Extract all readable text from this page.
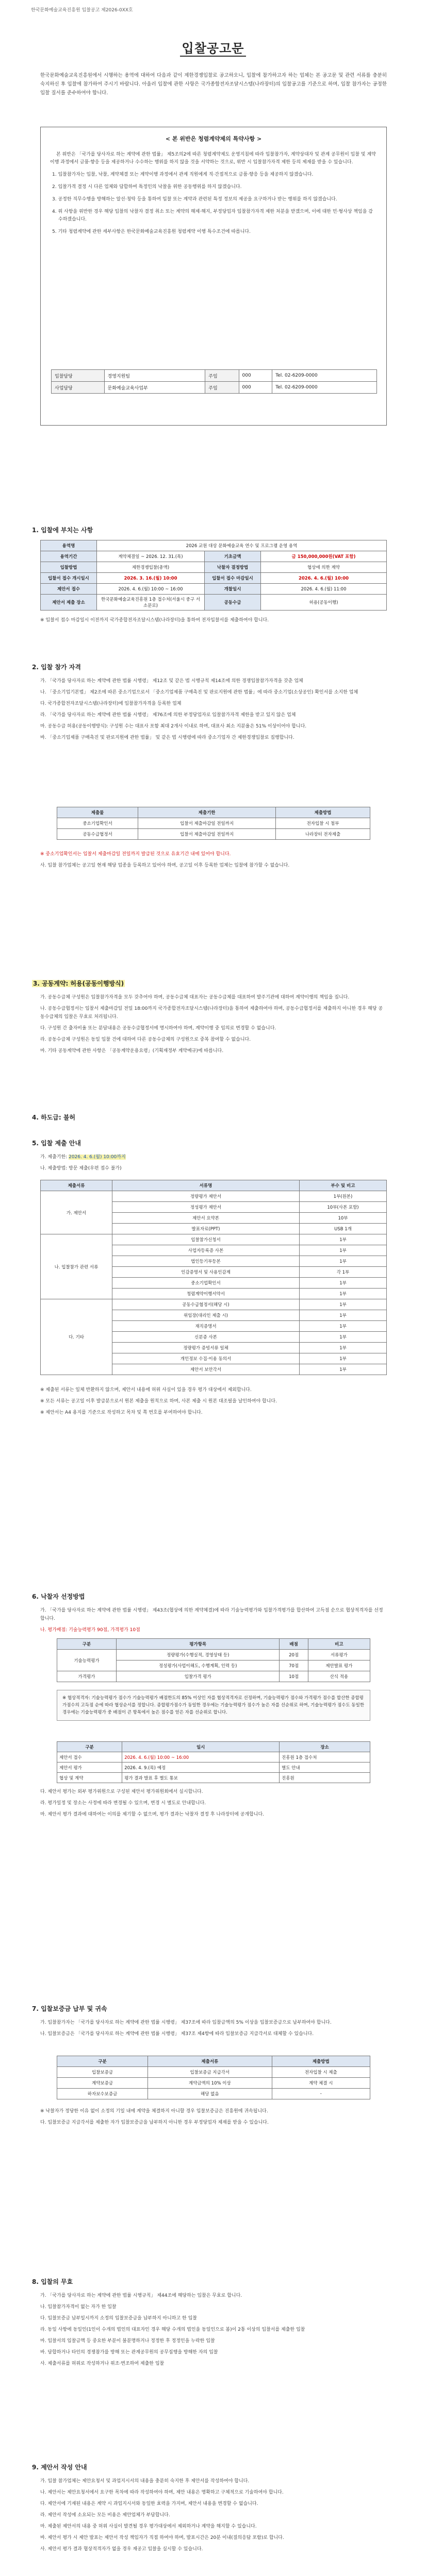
한국문화예술교육진흥원 입찰공고 제2026-0XX호
입찰공고문
한국문화예술교육진흥원에서 시행하는 용역에 대하여 다음과 같이 제한경쟁입찰로 공고하오니, 입찰에 참가하고자 하는 업체는 본 공고문 및 관련 서류를 충분히 숙지하신 후 입찰에 참가하여 주시기 바랍니다. 아울러 입찰에 관한 사항은 국가종합전자조달시스템(나라장터)의 입찰공고를 기준으로 하며, 입찰 참가자는 공정한 입찰 질서를 준수하여야 합니다.
< 본 위반은 청렴계약제의 특약사항 >

본 위반은 「국가를 당사자로 하는 계약에 관한 법률」 제5조의2에 따른 청렴계약제도 운영지침에 따라 입찰참가자, 계약상대자 및 관계 공무원이 입찰 및 계약 이행 과정에서 금품·향응 등을 제공하거나 수수하는 행위를 하지 않을 것을 서약하는 것으로, 위반 시 입찰참가자격 제한 등의 제재를 받을 수 있습니다.

1. 입찰참가자는 입찰, 낙찰, 계약체결 또는 계약이행 과정에서 관계 직원에게 직·간접적으로 금품·향응 등을 제공하지 않겠습니다.

2. 입찰가격 결정 시 다른 업체와 담합하여 특정인의 낙찰을 위한 공동행위를 하지 않겠습니다.

3. 공정한 직무수행을 방해하는 알선·청탁 등을 통하여 입찰 또는 계약과 관련된 특정 정보의 제공을 요구하거나 받는 행위를 하지 않겠습니다.

4. 위 사항을 위반한 경우 해당 입찰의 낙찰자 결정 취소 또는 계약의 해제·해지, 부정당업자 입찰참가자격 제한 처분을 받겠으며, 이에 대한 민·형사상 책임을 감수하겠습니다.

5. 기타 청렴계약에 관한 세부사항은 한국문화예술교육진흥원 청렴계약 이행 특수조건에 따릅니다.

입찰담당	경영지원팀	주임	000	Tel. 02-6209-0000
사업담당	문화예술교육사업부	주임	000	Tel. 02-6209-0000
1. 입찰에 부치는 사항
용역명	2026 교원 대상 문화예술교육 연수 및 프로그램 운영 용역		
용역기간	계약체결일 ~ 2026. 12. 31.(목)	기초금액	금 150,000,000원(VAT 포함)
입찰방법	제한경쟁입찰(총액)	낙찰자 결정방법	협상에 의한 계약
입찰서 접수 개시일시	2026. 3. 16.(월) 10:00	입찰서 접수 마감일시	2026. 4. 6.(월) 10:00
제안서 접수	2026. 4. 6.(월) 10:00 ~ 16:00	개찰일시	2026. 4. 6.(월) 11:00
제안서 제출 장소	한국문화예술교육진흥원 1층 접수처(서울시 중구 서소문로)	공동수급	허용(공동이행)
※ 입찰서 접수 마감일시 이전까지 국가종합전자조달시스템(나라장터)을 통하여 전자입찰서를 제출하여야 합니다.
2. 입찰 참가 자격

가. 「국가를 당사자로 하는 계약에 관한 법률 시행령」 제12조 및 같은 법 시행규칙 제14조에 의한 경쟁입찰참가자격을 갖춘 업체

나. 「중소기업기본법」 제2조에 따른 중소기업으로서 「중소기업제품 구매촉진 및 판로지원에 관한 법률」에 따라 중소기업(소상공인) 확인서를 소지한 업체

다. 국가종합전자조달시스템(나라장터)에 입찰참가자격을 등록한 업체

라. 「국가를 당사자로 하는 계약에 관한 법률 시행령」 제76조에 의한 부정당업자로 입찰참가자격 제한을 받고 있지 않은 업체

마. 공동수급 허용(공동이행방식): 구성원 수는 대표사 포함 최대 2개사 이내로 하며, 대표사 최소 지분율은 51% 이상이어야 합니다.

바. 「중소기업제품 구매촉진 및 판로지원에 관한 법률」 및 같은 법 시행령에 따라 중소기업자 간 제한경쟁입찰로 집행합니다.

제출물	제출기한	제출방법
중소기업확인서	입찰서 제출마감일 전일까지	전자입찰 시 첨부
공동수급협정서	입찰서 제출마감일 전일까지	나라장터 전자제출

※ 중소기업확인서는 입찰서 제출마감일 전일까지 발급된 것으로 유효기간 내에 있어야 합니다.

사. 입찰 참가업체는 공고일 현재 해당 업종을 등록하고 있어야 하며, 공고일 이후 등록한 업체는 입찰에 참가할 수 없습니다.

3. 공동계약: 허용(공동이행방식)

가. 공동수급체 구성원은 입찰참가자격을 모두 갖추어야 하며, 공동수급체 대표자는 공동수급체를 대표하여 발주기관에 대하여 계약이행의 책임을 집니다.

나. 공동수급협정서는 입찰서 제출마감일 전일 18:00까지 국가종합전자조달시스템(나라장터)을 통하여 제출하여야 하며, 공동수급협정서를 제출하지 아니한 경우 해당 공동수급체의 입찰은 무효로 처리됩니다.

다. 구성원 간 출자비율 또는 분담내용은 공동수급협정서에 명시하여야 하며, 계약이행 중 임의로 변경할 수 없습니다.

라. 공동수급체 구성원은 동일 입찰 건에 대하여 다른 공동수급체의 구성원으로 중복 참여할 수 없습니다.

마. 기타 공동계약에 관한 사항은 「공동계약운용요령」(기획재정부 계약예규)에 따릅니다.

4. 하도급: 불허
5. 입찰 제출 안내

가. 제출기한: 2026. 4. 6.(월) 10:00까지

나. 제출방법: 방문 제출(우편 접수 불가)

제출서류	서류명	부수 및 비고
가. 제안서	정량평가 제안서	1부(원본)
	정성평가 제안서	10부(사본 포함)
	제안서 요약본	10부
	발표자료(PPT)	USB 1개
나. 입찰참가 관련 서류	입찰참가신청서	1부
	사업자등록증 사본	1부
	법인등기부등본	1부
	인감증명서 및 사용인감계	각 1부
	중소기업확인서	1부
	청렴계약이행서약서	1부
다. 기타	공동수급협정서(해당 시)	1부
	위임장(대리인 제출 시)	1부
	재직증명서	1부
	신분증 사본	1부
	정량평가 증빙서류 일체	1부
	개인정보 수집·이용 동의서	1부
	제안서 보안각서	1부

※ 제출된 서류는 일체 반환하지 않으며, 제안서 내용에 허위 사실이 있을 경우 평가 대상에서 제외합니다.

※ 모든 서류는 공고일 이후 발급분으로서 원본 제출을 원칙으로 하며, 사본 제출 시 원본 대조필을 날인하여야 합니다.

※ 제안서는 A4 용지를 기준으로 작성하고 목차 및 쪽 번호를 부여하여야 합니다.

6. 낙찰자 선정방법

가. 「국가를 당사자로 하는 계약에 관한 법률 시행령」 제43조(협상에 의한 계약체결)에 따라 기술능력평가와 입찰가격평가를 합산하여 고득점 순으로 협상적격자를 선정합니다.

나. 평가배점: 기술능력평가 90점, 가격평가 10점

구분	평가항목	배점	비고
기술능력평가	정량평가(수행실적, 경영상태 등)	20점	서류평가
	정성평가(사업이해도, 수행계획, 인력 등)	70점	제안발표 평가
가격평가	입찰가격 평가	10점	산식 적용
※ 협상적격자: 기술능력평가 점수가 기술능력평가 배점한도의 85% 이상인 자를 협상적격자로 선정하며, 기술능력평가 점수와 가격평가 점수를 합산한 종합평가점수의 고득점 순에 따라 협상순서를 정합니다. 종합평가점수가 동일한 경우에는 기술능력평가 점수가 높은 자를 선순위로 하며, 기술능력평가 점수도 동일한 경우에는 기술능력평가 중 배점이 큰 항목에서 높은 점수를 얻은 자를 선순위로 합니다.
구분	일시	장소
제안서 접수	2026. 4. 6.(월) 10:00 ~ 16:00	진흥원 1층 접수처
제안서 평가	2026. 4. 9.(목) 예정	별도 안내
협상 및 계약	평가 결과 발표 후 별도 통보	진흥원

다. 제안서 평가는 외부 평가위원으로 구성된 제안서 평가위원회에서 실시합니다.

라. 평가일정 및 장소는 사정에 따라 변경될 수 있으며, 변경 시 별도로 안내합니다.

마. 제안서 평가 결과에 대하여는 이의를 제기할 수 없으며, 평가 결과는 낙찰자 결정 후 나라장터에 공개합니다.

7. 입찰보증금 납부 및 귀속

가. 입찰참가자는 「국가를 당사자로 하는 계약에 관한 법률 시행령」 제37조에 따라 입찰금액의 5% 이상을 입찰보증금으로 납부하여야 합니다.

나. 입찰보증금은 「국가를 당사자로 하는 계약에 관한 법률 시행령」 제37조 제4항에 따라 입찰보증금 지급각서로 대체할 수 있습니다.

구분	제출서류	제출방법
입찰보증금	입찰보증금 지급각서	전자입찰 시 제출
계약보증금	계약금액의 10% 이상	계약 체결 시
하자보수보증금	해당 없음	-

※ 낙찰자가 정당한 이유 없이 소정의 기일 내에 계약을 체결하지 아니할 경우 입찰보증금은 진흥원에 귀속됩니다.

다. 입찰보증금 지급각서를 제출한 자가 입찰보증금을 납부하지 아니한 경우 부정당업자 제재를 받을 수 있습니다.

8. 입찰의 무효

가. 「국가를 당사자로 하는 계약에 관한 법률 시행규칙」 제44조에 해당하는 입찰은 무효로 합니다.

나. 입찰참가자격이 없는 자가 한 입찰

다. 입찰보증금 납부일시까지 소정의 입찰보증금을 납부하지 아니하고 한 입찰

라. 동일 사항에 동일인(1인이 수개의 법인의 대표자인 경우 해당 수개의 법인을 동일인으로 봄)이 2통 이상의 입찰서를 제출한 입찰

마. 입찰서의 입찰금액 등 중요한 부분이 불분명하거나 정정한 후 정정인을 누락한 입찰

바. 담합하거나 타인의 경쟁참가를 방해 또는 관계공무원의 공무집행을 방해한 자의 입찰

사. 제출서류를 허위로 작성하거나 위조·변조하여 제출한 입찰

9. 제안서 작성 안내

가. 입찰 참가업체는 제안요청서 및 과업지시서의 내용을 충분히 숙지한 후 제안서를 작성하여야 합니다.

나. 제안서는 제안요청서에서 요구한 목차에 따라 작성하여야 하며, 제안 내용은 명확하고 구체적으로 기술하여야 합니다.

다. 제안서에 기재된 내용은 계약 시 과업지시서와 동일한 효력을 가지며, 제안서 내용을 변경할 수 없습니다.

라. 제안서 작성에 소요되는 모든 비용은 제안업체가 부담합니다.

마. 제출된 제안서의 내용 중 허위 사실이 발견될 경우 평가대상에서 제외하거나 계약을 해지할 수 있습니다.

바. 제안서 평가 시 제안 발표는 제안서 작성 책임자가 직접 하여야 하며, 발표시간은 20분 이내(질의응답 포함)로 합니다.

사. 제안서 평가 결과 협상적격자가 없을 경우 재공고 입찰을 실시할 수 있습니다.
